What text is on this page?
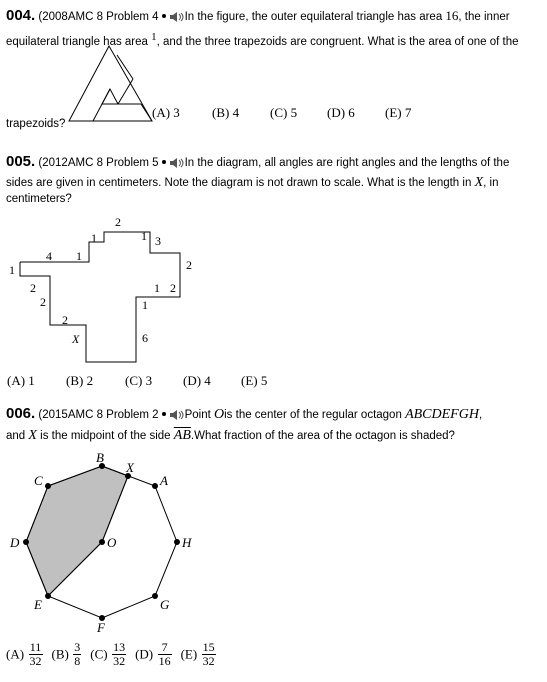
004. (2008AMC 8 Problem 4 In the figure, the outer equilateral triangle has area 16, the inner
equilateral triangle has area $^1$, and the three trapezoids are congruent. What is the area of one of the
(A) 3 (B) 4 (C) 5 (D) 6 (E) 7
trapezoids?
005. (2012AMC 8 Problem 5 In the diagram, all angles are right angles and the lengths of the
sides are given in centimeters. Note the diagram is not drawn to scale. What is the length in X, in
centimeters?
1
4 1
1
2
1 3
2
1 2
1
2
2
2
X	6
(A) 1 (B) 2 (C) 3 (D) 4 (E) 5
006. (2015AMC 8 Problem 2 Point Ois the center of the regular octagon ABCDEFGH,
and X is the midpoint of the side $\overline{AB}.What$ fraction of the area of the octagon is shaded?
B
X
A
C
D	O	H
E	G
F
$(A) \frac{11}{32} (B) \frac{3}{8} (C) \frac{13}{32} (D) \frac{7}{16} (E) \frac{15}{32}$
